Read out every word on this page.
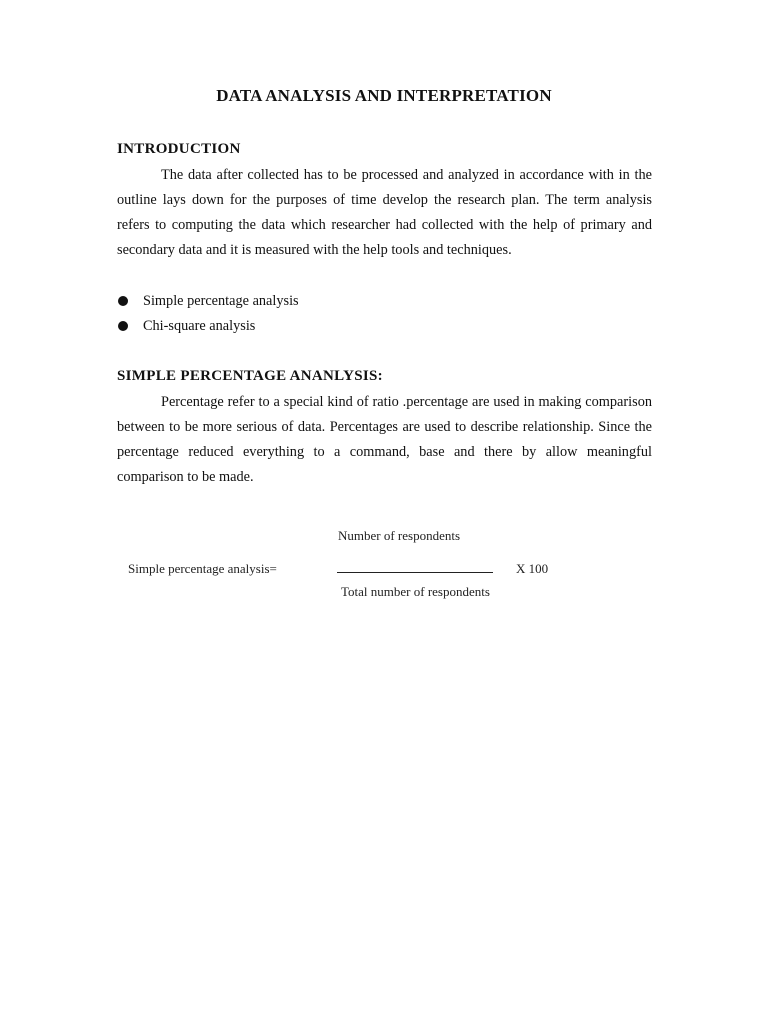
DATA ANALYSIS AND INTERPRETATION
INTRODUCTION

The data after collected has to be processed and analyzed in accordance with in the outline lays down for the purposes of time develop the research plan. The term analysis refers to computing the data which researcher had collected with the help of primary and secondary data and it is measured with the help tools and techniques.

Simple percentage analysis
Chi-square analysis
SIMPLE PERCENTAGE ANANLYSIS:

Percentage refer to a special kind of ratio .percentage are used in making comparison between to be more serious of data. Percentages are used to describe relationship. Since the percentage reduced everything to a command, base and there by allow meaningful comparison to be made.

Number of respondents
Simple percentage analysis=	X 100
Total number of respondents
